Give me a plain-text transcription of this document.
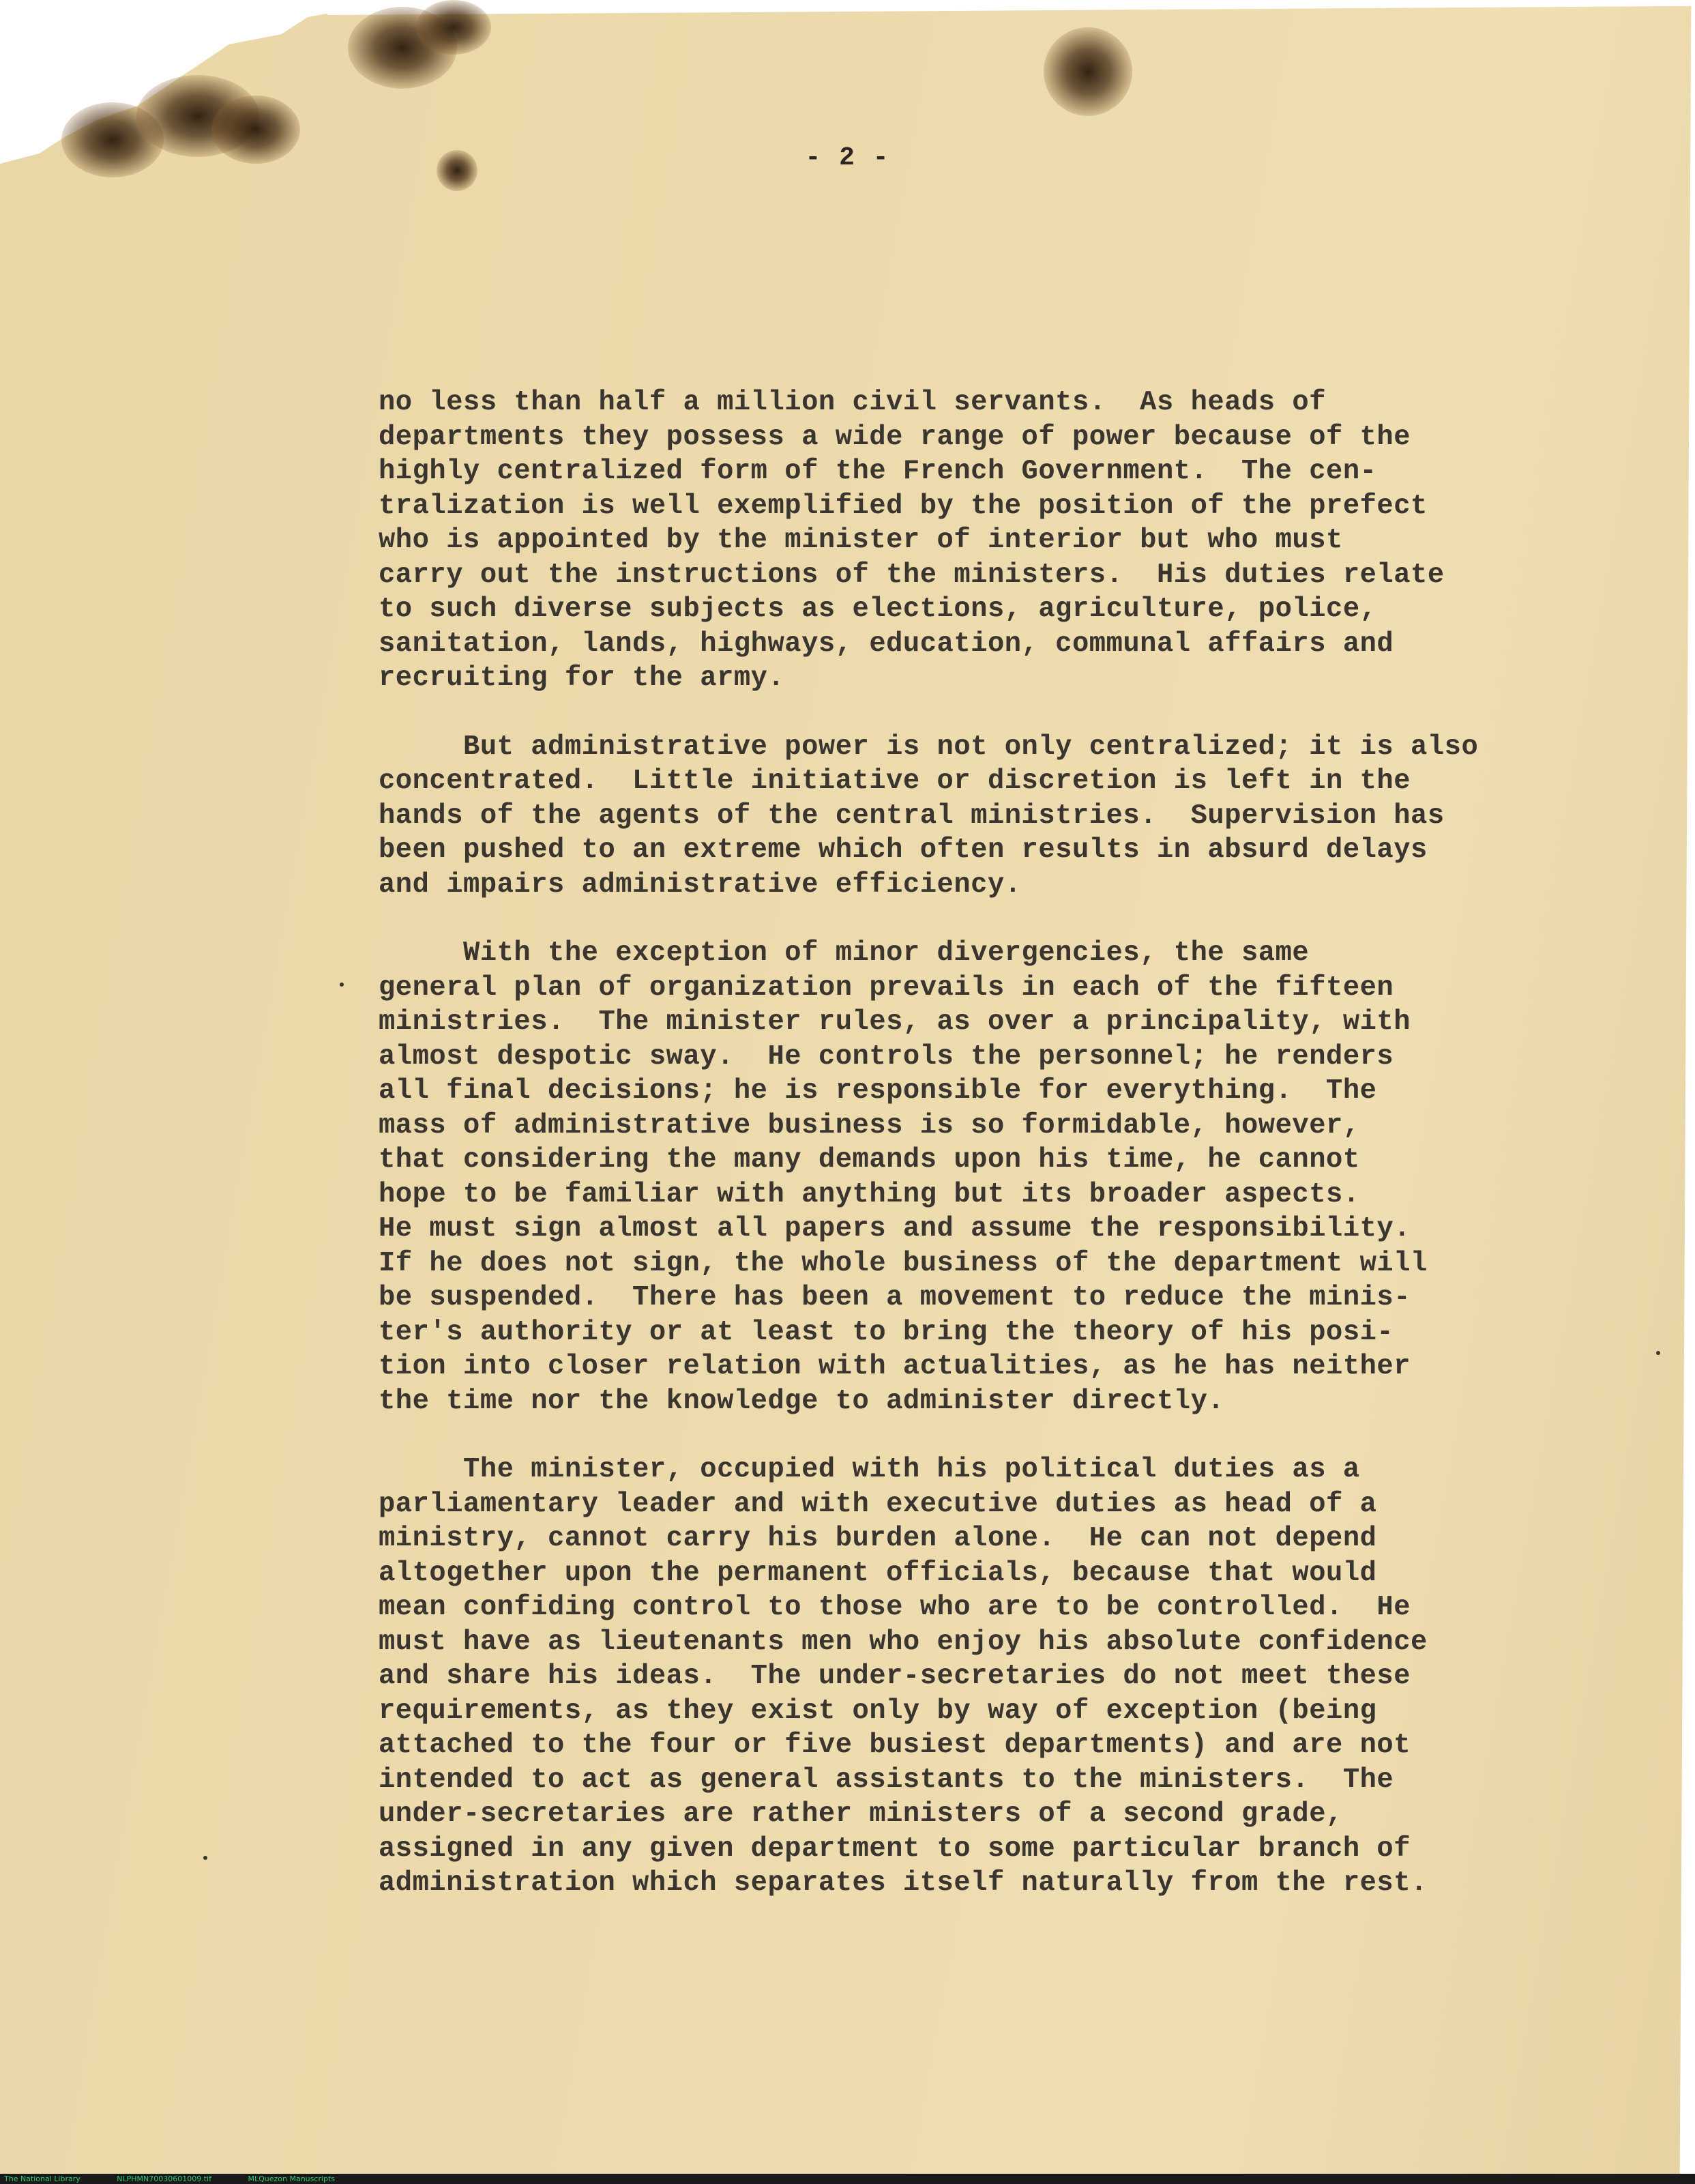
- 2 -
no less than half a million civil servants.  As heads of
departments they possess a wide range of power because of the
highly centralized form of the French Government.  The cen-
tralization is well exemplified by the position of the prefect
who is appointed by the minister of interior but who must
carry out the instructions of the ministers.  His duties relate
to such diverse subjects as elections, agriculture, police,
sanitation, lands, highways, education, communal affairs and
recruiting for the army.
But administrative power is not only centralized; it is also
concentrated.  Little initiative or discretion is left in the
hands of the agents of the central ministries.  Supervision has
been pushed to an extreme which often results in absurd delays
and impairs administrative efficiency.
With the exception of minor divergencies, the same
general plan of organization prevails in each of the fifteen
ministries.  The minister rules, as over a principality, with
almost despotic sway.  He controls the personnel; he renders
all final decisions; he is responsible for everything.  The
mass of administrative business is so formidable, however,
that considering the many demands upon his time, he cannot
hope to be familiar with anything but its broader aspects.
He must sign almost all papers and assume the responsibility.
If he does not sign, the whole business of the department will
be suspended.  There has been a movement to reduce the minis-
ter's authority or at least to bring the theory of his posi-
tion into closer relation with actualities, as he has neither
the time nor the knowledge to administer directly.
The minister, occupied with his political duties as a
parliamentary leader and with executive duties as head of a
ministry, cannot carry his burden alone.  He can not depend
altogether upon the permanent officials, because that would
mean confiding control to those who are to be controlled.  He
must have as lieutenants men who enjoy his absolute confidence
and share his ideas.  The under-secretaries do not meet these
requirements, as they exist only by way of exception (being
attached to the four or five busiest departments) and are not
intended to act as general assistants to the ministers.  The
under-secretaries are rather ministers of a second grade,
assigned in any given department to some particular branch of
administration which separates itself naturally from the rest.
The National Library	NLPHMN70030601009.tif	MLQuezon Manuscripts
